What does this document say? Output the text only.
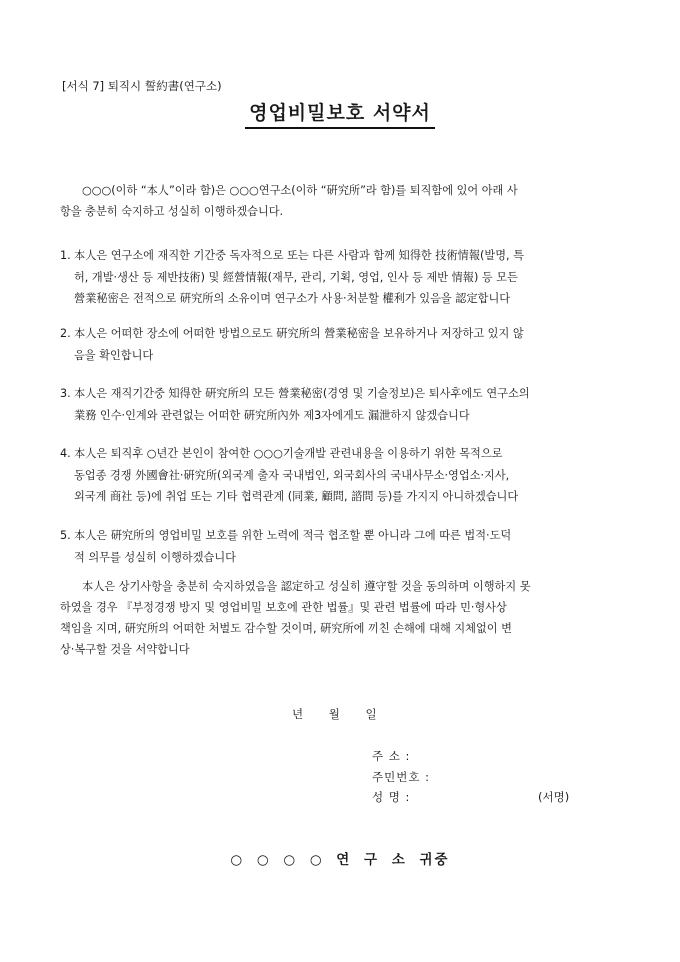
[서식 7] 퇴직시 誓約書(연구소)
영업비밀보호 서약서
○○○(이하 “本人”이라 함)은 ○○○연구소(이하 “硏究所”라 함)를 퇴직함에 있어 아래 사
항을 충분히 숙지하고 성실히 이행하겠습니다.
1. 本人은 연구소에 재직한 기간중 독자적으로 또는 다른 사람과 함께 知得한 技術情報(발명, 특
허, 개발·생산 등 제반技術) 및 經營情報(재무, 관리, 기획, 영업, 인사 등 제반 情報) 등 모든
營業秘密은 전적으로 硏究所의 소유이며 연구소가 사용·처분할 權利가 있음을 認定합니다
2. 本人은 어떠한 장소에 어떠한 방법으로도 硏究所의 營業秘密을 보유하거나 저장하고 있지 않
음을 확인합니다
3. 本人은 재직기간중 知得한 硏究所의 모든 營業秘密(경영 및 기술정보)은 퇴사후에도 연구소의
業務 인수·인계와 관련없는 어떠한 硏究所內外 제3자에게도 漏泄하지 않겠습니다
4. 本人은 퇴직후 ○년간 본인이 참여한 ○○○기술개발 관련내용을 이용하기 위한 목적으로
동업종 경쟁 外國會社·硏究所(외국계 출자 국내법인, 외국회사의 국내사무소·영업소·지사,
외국계 商社 등)에 취업 또는 기타 협력관계 (同業, 顧問, 諮問 등)를 가지지 아니하겠습니다
5. 本人은 硏究所의 영업비밀 보호를 위한 노력에 적극 협조할 뿐 아니라 그에 따른 법적·도덕
적 의무를 성실히 이행하겠습니다
本人은 상기사항을 충분히 숙지하였음을 認定하고 성실히 遵守할 것을 동의하며 이행하지 못
하였을 경우 『부정경쟁 방지 및 영업비밀 보호에 관한 법률』및 관련 법률에 따라 민·형사상
책임을 지며, 硏究所의 어떠한 처벌도 감수할 것이며, 硏究所에 끼친 손해에 대해 지체없이 변
상·복구할 것을 서약합니다
년 월 일
주 소 :
주민번호 :
성 명 :	(서명)
○ ○ ○ ○ 연 구 소 귀중
